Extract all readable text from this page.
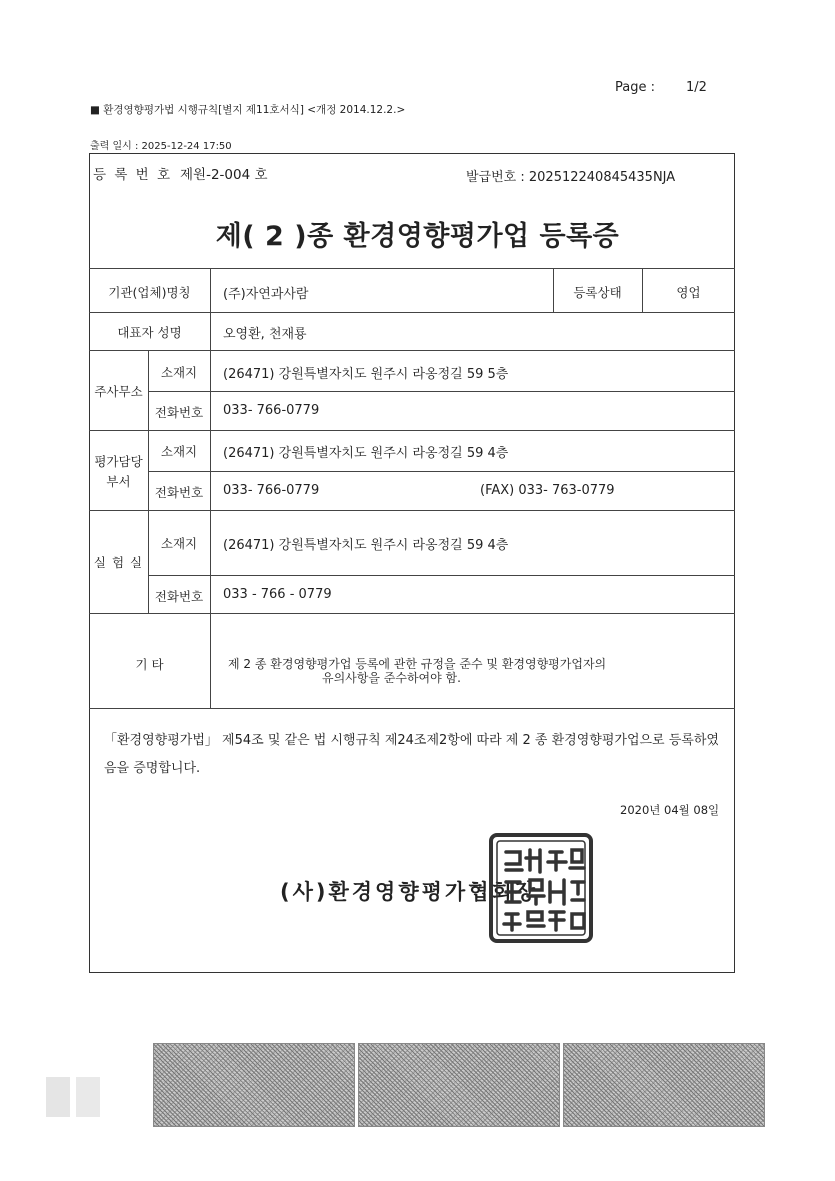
Page : 1/2
■ 환경영향평가법 시행규칙[별지 제11호서식] <개정 2014.12.2.>
출력 일시 : 2025-12-24 17:50
등 록 번 호 제원-2-004 호	발급번호 : 202512240845435NJA
제( 2 )종 환경영향평가업 등록증
기관(업체)명칭	(주)자연과사람	등록상태	영업
대표자 성명	오영환, 천재룡
주사무소
소재지	(26471) 강원특별자치도 원주시 라옹정길 59 5층
전화번호	033- 766-0779
평가담당
부서
소재지	(26471) 강원특별자치도 원주시 라옹정길 59 4층
전화번호	033- 766-0779	(FAX) 033- 763-0779
실 험 실
소재지	(26471) 강원특별자치도 원주시 라옹정길 59 4층
전화번호	033 - 766 - 0779
기 타	제 2 종 환경영향평가업 등록에 관한 규정을 준수 및 환경영향평가업자의
유의사항을 준수하여야 함.
「환경영향평가법」 제54조 및 같은 법 시행규칙 제24조제2항에 따라 제 2 종 환경영향평가업으로 등록하였음을 증명합니다.
2020년 04월 08일
(사)환경영향평가협회장
